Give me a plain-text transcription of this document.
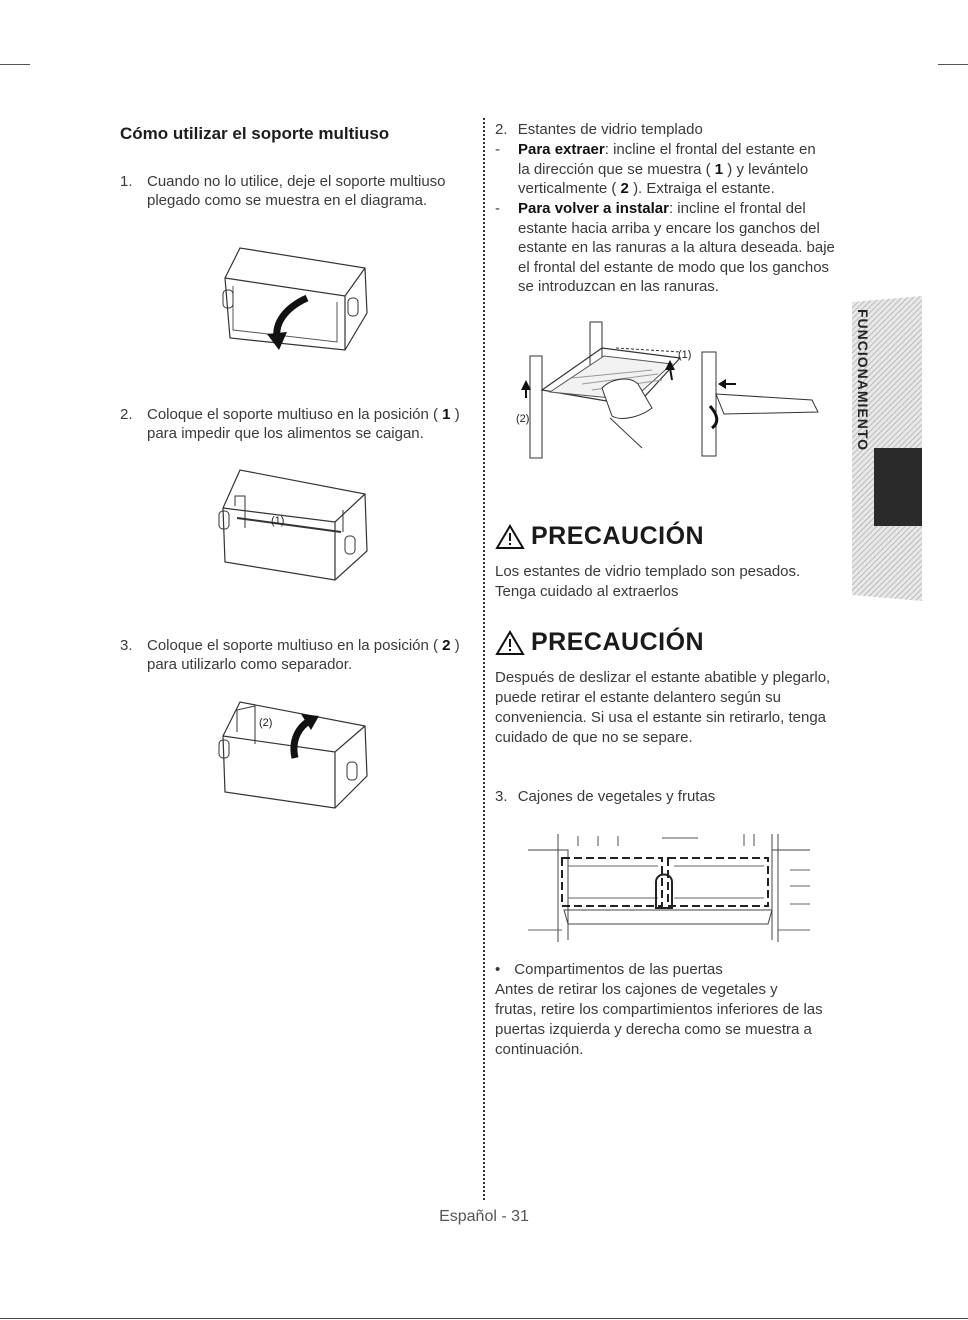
Cómo utilizar el soporte multiuso
1. Cuando no lo utilice, deje el soporte multiuso
plegado como se muestra en el diagrama.
2. Coloque el soporte multiuso en la posición ( 1 )
para impedir que los alimentos se caigan.
(1)
3. Coloque el soporte multiuso en la posición ( 2 )
para utilizarlo como separador.
(2)
2. Estantes de vidrio templado
- Para extraer: incline el frontal del estante en
la dirección que se muestra ( 1 ) y levántelo
verticalmente ( 2 ). Extraiga el estante.
- Para volver a instalar: incline el frontal del
estante hacia arriba y encare los ganchos del
estante en las ranuras a la altura deseada. baje
el frontal del estante de modo que los ganchos
se introduzcan en las ranuras.
(1)
(2)
PRECAUCIÓN
Los estantes de vidrio templado son pesados.
Tenga cuidado al extraerlos
PRECAUCIÓN
Después de deslizar el estante abatible y plegarlo,
puede retirar el estante delantero según su
conveniencia. Si usa el estante sin retirarlo, tenga
cuidado de que no se separe.
3. Cajones de vegetales y frutas
• Compartimentos de las puertas
Antes de retirar los cajones de vegetales y
frutas, retire los compartimientos inferiores de las
puertas izquierda y derecha como se muestra a
continuación.
FUNCIONAMIENTO
Español - 31
